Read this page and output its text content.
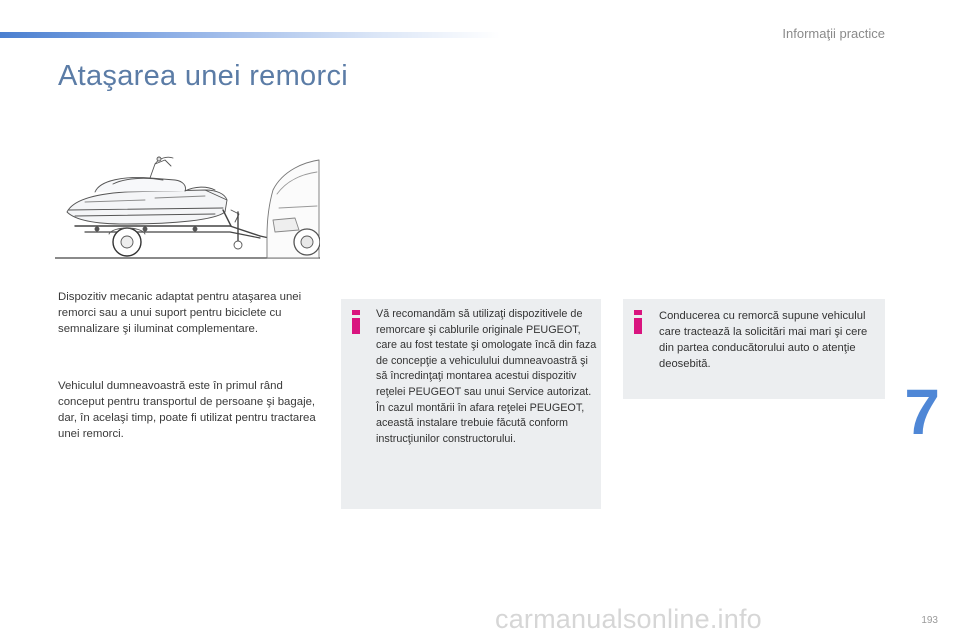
Informaţii practice
Ataşarea unei remorci

Dispozitiv mecanic adaptat pentru ataşarea unei remorci sau a unui suport pentru biciclete cu semnalizare şi iluminat complementare.

Vehiculul dumneavoastră este în primul rând conceput pentru transportul de persoane şi bagaje, dar, în acelaşi timp, poate fi utilizat pentru tractarea unei remorci.

Vă recomandăm să utilizaţi dispozitivele de remorcare şi cablurile originale PEUGEOT, care au fost testate şi omologate încă din faza de concepţie a vehiculului dumneavoastră şi să încredinţaţi montarea acestui dispozitiv reţelei PEUGEOT sau unui Service autorizat.
În cazul montării în afara reţelei PEUGEOT, această instalare trebuie făcută conform instrucţiunilor constructorului.

Conducerea cu remorcă supune vehiculul care tractează la solicitări mai mari şi cere din partea conducătorului auto o atenţie deosebită.

7
193
carmanualsonline.info
